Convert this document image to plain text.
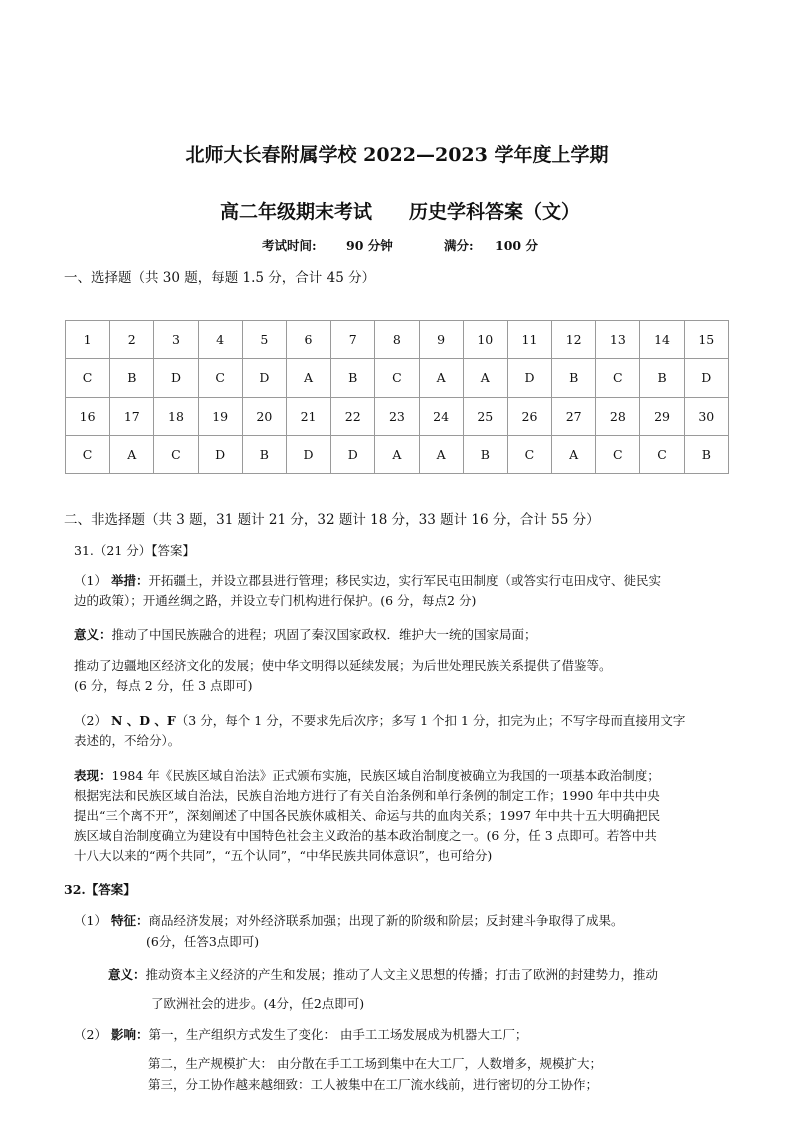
北师大长春附属学校 2022—2023 学年度上学期
高二年级期末考试 历史学科答案（文）
考试时间: 90 分钟	满分: 100 分
一、选择题（共 30 题，每题 1.5 分，合计 45 分）
1	2	3	4	5	6	7	8	9	10	11	12	13	14	15
C	B	D	C	D	A	B	C	A	A	D	B	C	B	D
16	17	18	19	20	21	22	23	24	25	26	27	28	29	30
C	A	C	D	B	D	D	A	A	B	C	A	C	C	B
二、非选择题（共 3 题，31 题计 21 分，32 题计 18 分，33 题计 16 分，合计 55 分）
31.（21 分）【答案】
（1） 举措：开拓疆土，并设立郡县进行管理；移民实边，实行军民屯田制度（或答实行屯田戍守、徙民实
边的政策）；开通丝绸之路，并设立专门机构进行保护。(6 分，每点2 分)
意义：推动了中国民族融合的进程；巩固了秦汉国家政权．维护大一统的国家局面；
推动了边疆地区经济文化的发展；使中华文明得以延续发展；为后世处理民族关系提供了借鉴等。
(6 分，每点 2 分，任 3 点即可)
（2） N 、D 、F（3 分，每个 1 分，不要求先后次序；多写 1 个扣 1 分，扣完为止；不写字母而直接用文字
表述的，不给分）。
表现：1984 年《民族区域自治法》正式颁布实施，民族区域自治制度被确立为我国的一项基本政治制度；
根据宪法和民族区域自治法，民族自治地方进行了有关自治条例和单行条例的制定工作；1990 年中共中央
提出“三个离不开”，深刻阐述了中国各民族休戚相关、命运与共的血肉关系；1997 年中共十五大明确把民
族区域自治制度确立为建设有中国特色社会主义政治的基本政治制度之一。(6 分，任 3 点即可。若答中共
十八大以来的“两个共同”，“五个认同”，“中华民族共同体意识”，也可给分)
32.【答案】
（1） 特征：商品经济发展；对外经济联系加强；出现了新的阶级和阶层；反封建斗争取得了成果。
(6分，任答3点即可)
意义：推动资本主义经济的产生和发展；推动了人文主义思想的传播；打击了欧洲的封建势力，推动
了欧洲社会的进步。(4分，任2点即可)
（2） 影响：第一，生产组织方式发生了变化： 由手工工场发展成为机器大工厂；
第二，生产规模扩大： 由分散在手工工场到集中在大工厂，人数增多，规模扩大；
第三，分工协作越来越细致：工人被集中在工厂流水线前，进行密切的分工协作；
